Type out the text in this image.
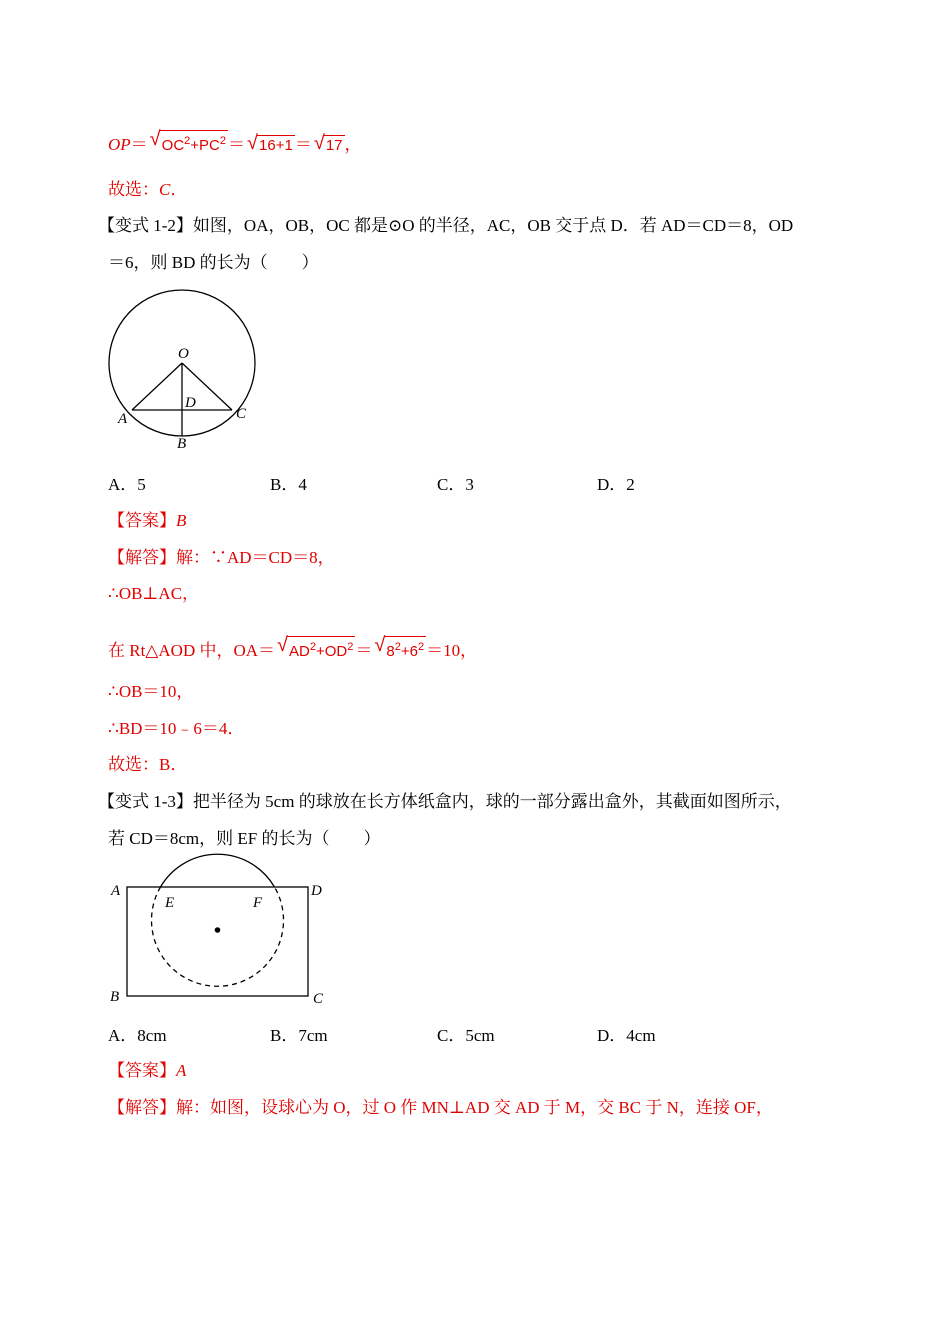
OP＝ √ $OC^2+PC^2$ ＝ √ 16+1 ＝ √ 17 ，
故选：C．
【变式 1-2】如图，OA，OB，OC 都是⊙O 的半径，AC，OB 交于点 D．若 AD＝CD＝8，OD
＝6，则 BD 的长为（　　）
O
D
A	C
B
A．5	B．4	C．3	D．2
【答案】B
【解答】解：∵AD＝CD＝8，
∴OB⊥AC，
在 Rt△AOD 中，OA＝ √ $AD^2+OD^2$ ＝ √ $8^2+6^2 =10$，
∴OB＝10，
∴BD＝10﹣6＝4．
故选：B．
【变式 1-3】把半径为 5cm 的球放在长方体纸盒内，球的一部分露出盒外，其截面如图所示，
若 CD＝8cm，则 EF 的长为（　　）
A	D
E	F
B	C
A．8cm	B．7cm	C．5cm	D．4cm
【答案】A
【解答】解：如图，设球心为 O，过 O 作 MN⊥AD 交 AD 于 M，交 BC 于 N，连接 OF，
